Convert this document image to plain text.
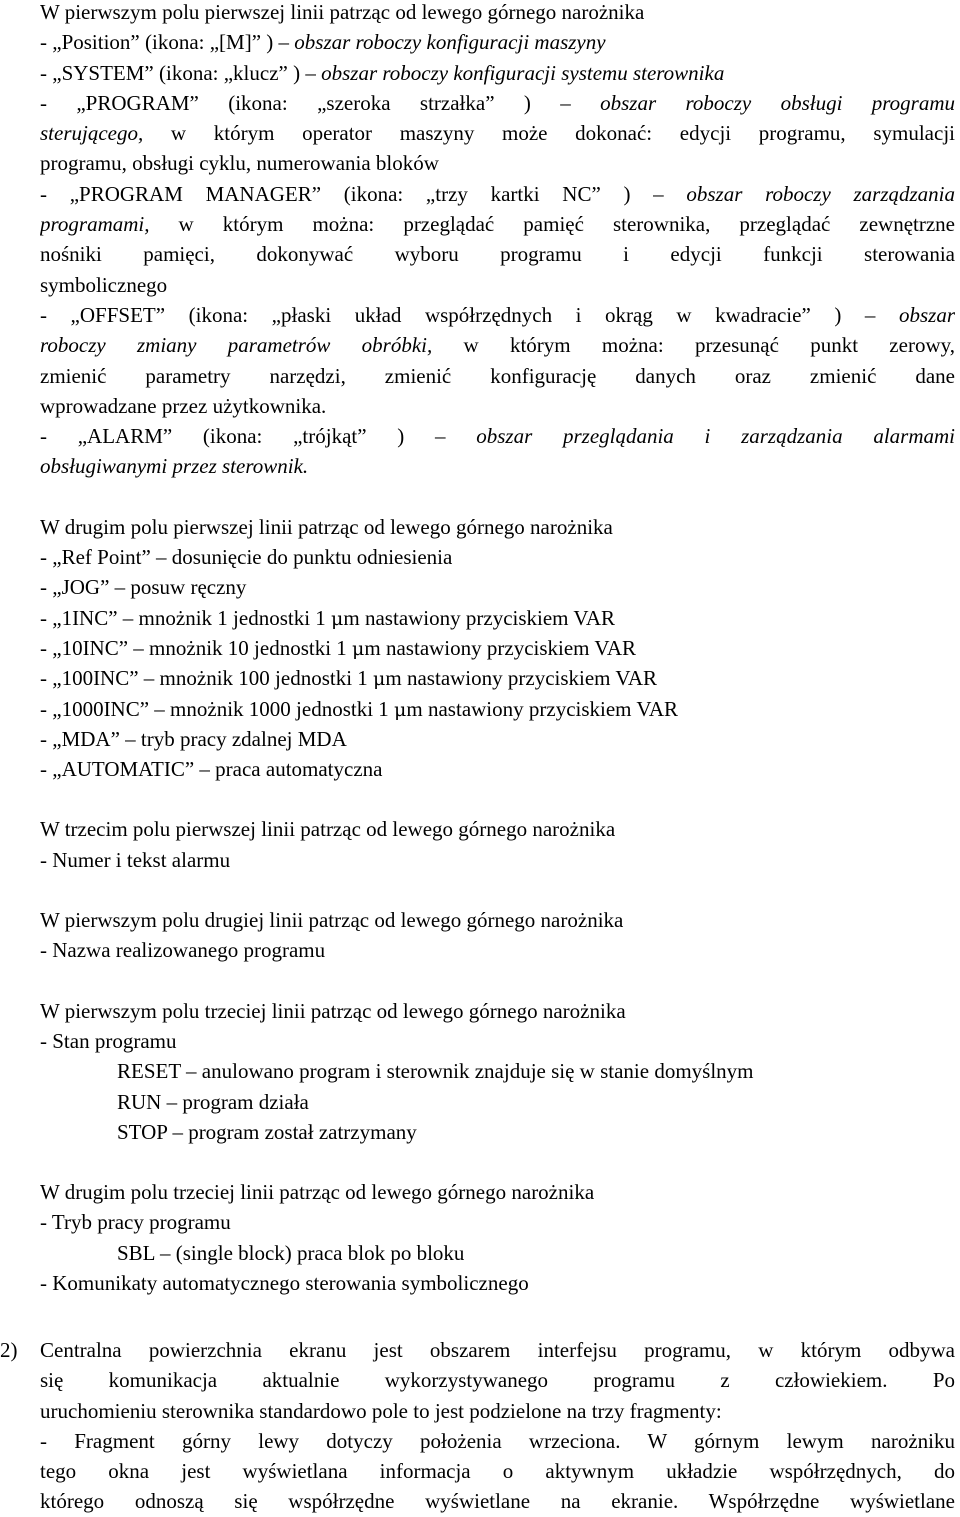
W pierwszym polu pierwszej linii patrząc od lewego górnego narożnika
- „Position” (ikona: „[M]” ) – obszar roboczy konfiguracji maszyny
- „SYSTEM” (ikona: „klucz” ) – obszar roboczy konfiguracji systemu sterownika
- „PROGRAM” (ikona: „szeroka strzałka” ) – obszar roboczy obsługi programu
sterującego, w którym operator maszyny może dokonać: edycji programu, symulacji
programu, obsługi cyklu, numerowania bloków
- „PROGRAM MANAGER” (ikona: „trzy kartki NC” ) – obszar roboczy zarządzania
programami, w którym można: przeglądać pamięć sterownika, przeglądać zewnętrzne
nośniki pamięci, dokonywać wyboru programu i edycji funkcji sterowania
symbolicznego
- „OFFSET” (ikona: „płaski układ współrzędnych i okrąg w kwadracie” ) – obszar
roboczy zmiany parametrów obróbki, w którym można: przesunąć punkt zerowy,
zmienić parametry narzędzi, zmienić konfigurację danych oraz zmienić dane
wprowadzane przez użytkownika.
- „ALARM” (ikona: „trójkąt” ) – obszar przeglądania i zarządzania alarmami
obsługiwanymi przez sterownik.
W drugim polu pierwszej linii patrząc od lewego górnego narożnika
- „Ref Point” – dosunięcie do punktu odniesienia
- „JOG” – posuw ręczny
- „1INC” – mnożnik 1 jednostki 1 μm nastawiony przyciskiem VAR
- „10INC” – mnożnik 10 jednostki 1 μm nastawiony przyciskiem VAR
- „100INC” – mnożnik 100 jednostki 1 μm nastawiony przyciskiem VAR
- „1000INC” – mnożnik 1000 jednostki 1 μm nastawiony przyciskiem VAR
- „MDA” – tryb pracy zdalnej MDA
- „AUTOMATIC” – praca automatyczna
W trzecim polu pierwszej linii patrząc od lewego górnego narożnika
- Numer i tekst alarmu
W pierwszym polu drugiej linii patrząc od lewego górnego narożnika
- Nazwa realizowanego programu
W pierwszym polu trzeciej linii patrząc od lewego górnego narożnika
- Stan programu
RESET – anulowano program i sterownik znajduje się w stanie domyślnym
RUN – program działa
STOP – program został zatrzymany
W drugim polu trzeciej linii patrząc od lewego górnego narożnika
- Tryb pracy programu
SBL – (single block) praca blok po bloku
- Komunikaty automatycznego sterowania symbolicznego
2) Centralna powierzchnia ekranu jest obszarem interfejsu programu, w którym odbywa
się komunikacja aktualnie wykorzystywanego programu z człowiekiem. Po
uruchomieniu sterownika standardowo pole to jest podzielone na trzy fragmenty:
- Fragment górny lewy dotyczy położenia wrzeciona. W górnym lewym narożniku
tego okna jest wyświetlana informacja o aktywnym układzie współrzędnych, do
którego odnoszą się współrzędne wyświetlane na ekranie. Współrzędne wyświetlane
